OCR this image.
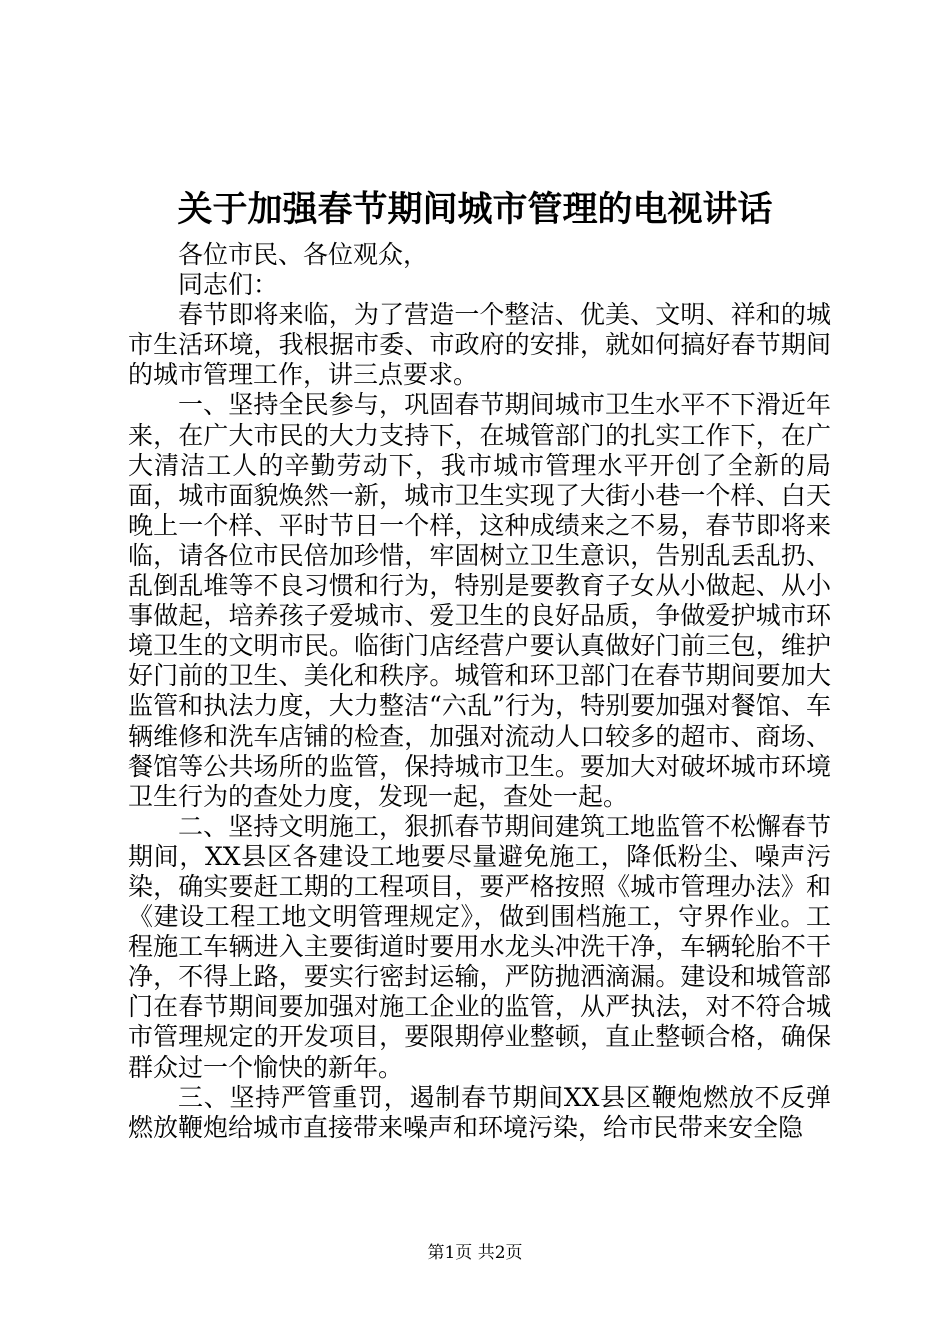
关于加强春节期间城市管理的电视讲话

各位市民、各位观众，

同志们：

春节即将来临，为了营造一个整洁、优美、文明、祥和的城市生活环境，我根据市委、市政府的安排，就如何搞好春节期间的城市管理工作，讲三点要求。

一、坚持全民参与，巩固春节期间城市卫生水平不下滑近年来，在广大市民的大力支持下，在城管部门的扎实工作下，在广大清洁工人的辛勤劳动下，我市城市管理水平开创了全新的局面，城市面貌焕然一新，城市卫生实现了大街小巷一个样、白天晚上一个样、平时节日一个样，这种成绩来之不易，春节即将来临，请各位市民倍加珍惜，牢固树立卫生意识，告别乱丢乱扔、乱倒乱堆等不良习惯和行为，特别是要教育子女从小做起、从小事做起，培养孩子爱城市、爱卫生的良好品质，争做爱护城市环境卫生的文明市民。临街门店经营户要认真做好门前三包，维护好门前的卫生、美化和秩序。城管和环卫部门在春节期间要加大监管和执法力度，大力整洁“六乱”行为，特别要加强对餐馆、车辆维修和洗车店铺的检查，加强对流动人口较多的超市、商场、餐馆等公共场所的监管，保持城市卫生。要加大对破坏城市环境卫生行为的查处力度，发现一起，查处一起。

二、坚持文明施工，狠抓春节期间建筑工地监管不松懈春节期间，XX县区各建设工地要尽量避免施工，降低粉尘、噪声污染，确实要赶工期的工程项目，要严格按照《城市管理办法》和《建设工程工地文明管理规定》，做到围档施工，守界作业。工程施工车辆进入主要街道时要用水龙头冲洗干净，车辆轮胎不干净，不得上路，要实行密封运输，严防抛洒滴漏。建设和城管部门在春节期间要加强对施工企业的监管，从严执法，对不符合城市管理规定的开发项目，要限期停业整顿，直止整顿合格，确保群众过一个愉快的新年。

三、坚持严管重罚，遏制春节期间XX县区鞭炮燃放不反弹燃放鞭炮给城市直接带来噪声和环境污染，给市民带来安全隐

第1页 共2页
